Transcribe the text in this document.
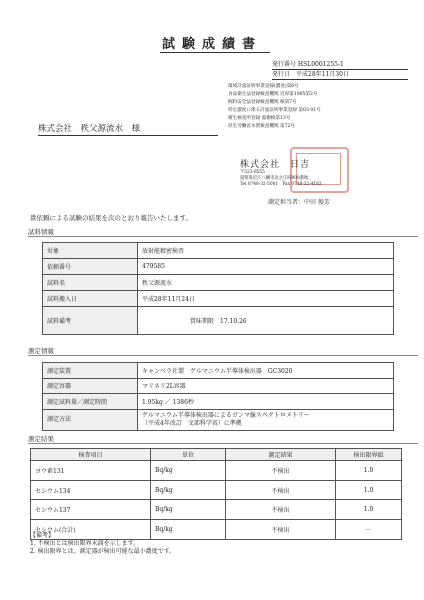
試験成績書
発行番号 HSL0001255-1
発行日　平成28年11月30日
環境計量証明事業登録(濃度)第6号
食品衛生法登録検査機関 近厚第1005第2号
飼料安全法登録検査機関 検第7号
特定濃度に係る計量証明事業登録 第03-01号
衛生検査所登録 滋衛検第13号
厚生労働省水質検査機関 第72号
株式会社　秩父源流水　様
株式会社　日吉
〒523-8555
滋賀県近江八幡市北之庄町908番地
Tel 0748-32-5001　Fax 0748-32-4182
測定担当者：中田 俊芳
貴依頼による試験の結果を次のとおり報告いたします。
試料情報
対象	放射能精密検査
依頼番号	479585
試料名	秩父源流水
試料搬入日	平成28年11月24日
試料備考	賞味期限　17.10.26
測定情報
測定装置	キャンベラ社製　ゲルマニウム半導体検出器　GC3020
測定容器	マリネリ2L容器
測定試料量／測定時間	1.95kg ／ 1386秒
測定方法	ゲルマニウム半導体検出器によるガンマ線スペクトロメトリー
（平成4年改訂　文部科学省）に準拠
測定結果
検査項目	単位	測定結果	検出限界値
ヨウ素131	Bq/kg	不検出	1.0
セシウム134	Bq/kg	不検出	1.0
セシウム137	Bq/kg	不検出	1.0
セシウム(合計)	Bq/kg	不検出	－
【備考】
1. 不検出とは検出限界未満を示します。
2. 検出限界とは、測定器が検出可能な最小濃度です。
